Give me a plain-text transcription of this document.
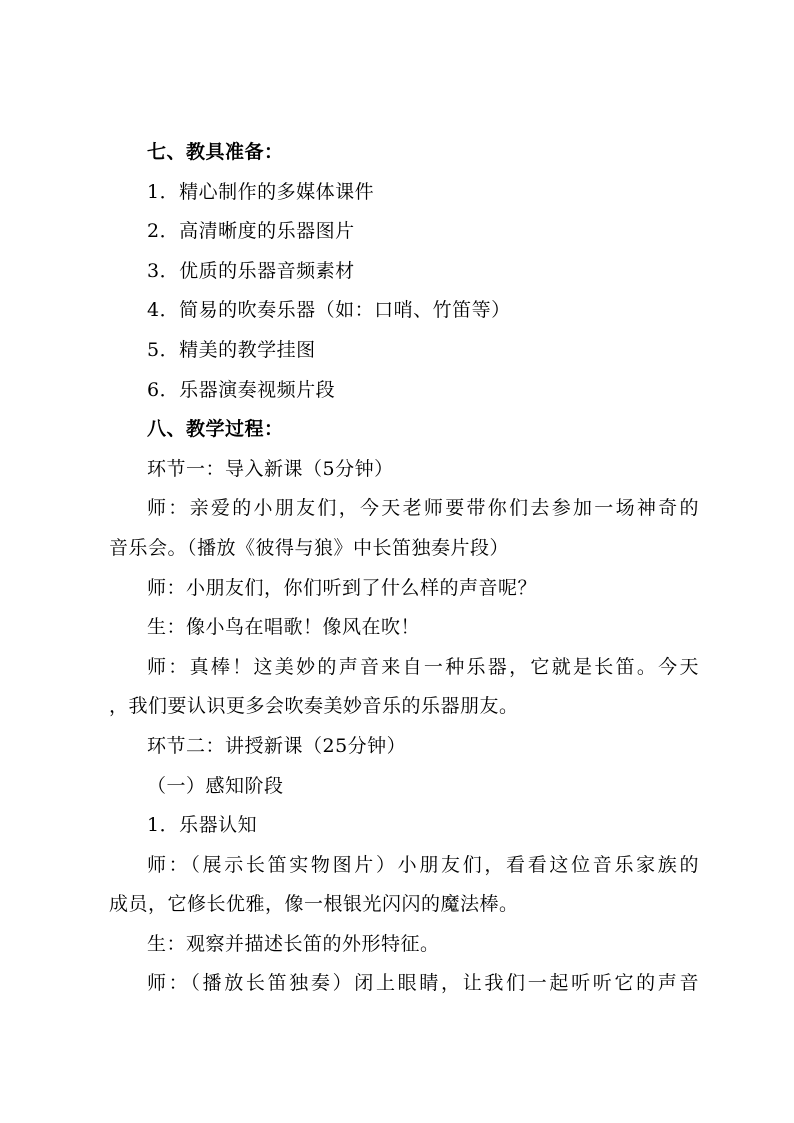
七、教具准备：
1．精心制作的多媒体课件
2．高清晰度的乐器图片
3．优质的乐器音频素材
4．简易的吹奏乐器（如：口哨、竹笛等）
5．精美的教学挂图
6．乐器演奏视频片段
八、教学过程：
环节一：导入新课（5分钟）
师：亲爱的小朋友们，今天老师要带你们去参加一场神奇的
音乐会。（播放《彼得与狼》中长笛独奏片段）
师：小朋友们，你们听到了什么样的声音呢？
生：像小鸟在唱歌！像风在吹！
师：真棒！这美妙的声音来自一种乐器，它就是长笛。今天
，我们要认识更多会吹奏美妙音乐的乐器朋友。
环节二：讲授新课（25分钟）
（一）感知阶段
1．乐器认知
师：（展示长笛实物图片）小朋友们，看看这位音乐家族的
成员，它修长优雅，像一根银光闪闪的魔法棒。
生：观察并描述长笛的外形特征。
师：（播放长笛独奏）闭上眼睛，让我们一起听听它的声音
